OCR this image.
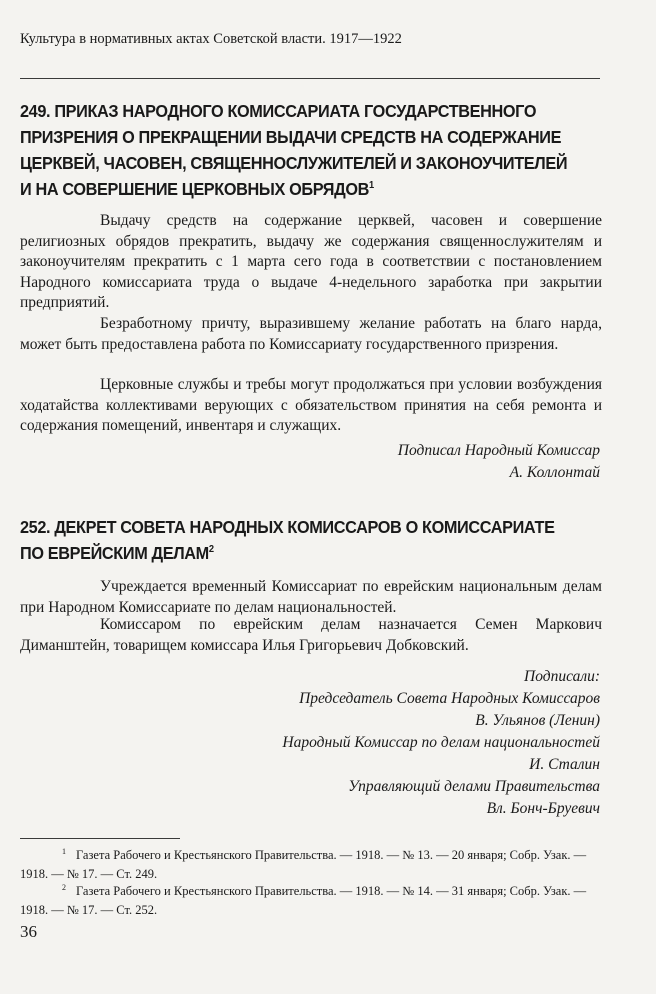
Культура в нормативных актах Советской власти. 1917—1922
249. ПРИКАЗ НАРОДНОГО КОМИССАРИАТА ГОСУДАРСТВЕННОГО ПРИЗРЕНИЯ О ПРЕКРАЩЕНИИ ВЫДАЧИ СРЕДСТВ НА СОДЕРЖАНИЕ ЦЕРКВЕЙ, ЧАСОВЕН, СВЯЩЕННОСЛУЖИТЕЛЕЙ И ЗАКОНОУЧИТЕЛЕЙ И НА СОВЕРШЕНИЕ ЦЕРКОВНЫХ ОБРЯДОВ$^1$

Выдачу средств на содержание церквей, часовен и совершение религиозных обрядов прекратить, выдачу же содержания священнослужителям и законоучителям прекратить с 1 марта сего года в соответствии с постановлением Народного комиссариата труда о выдаче 4-недельного заработка при закрытии предприятий.

Безработному причту, выразившему желание работать на благо нарда, может быть предоставлена работа по Комиссариату государственного призрения.

Церковные службы и требы могут продолжаться при условии возбуждения ходатайства коллективами верующих с обязательством принятия на себя ремонта и содержания помещений, инвентаря и служащих.

Подписал Народный Комиссар
А. Коллонтай
252. ДЕКРЕТ СОВЕТА НАРОДНЫХ КОМИССАРОВ О КОМИССАРИАТЕ ПО ЕВРЕЙСКИМ ДЕЛАМ$^2$

Учреждается временный Комиссариат по еврейским национальным делам при Народном Комиссариате по делам национальностей.

Комиссаром по еврейским делам назначается Семен Маркович Диманштейн, товарищем комиссара Илья Григорьевич Добковский.

Подписали:
Председатель Совета Народных Комиссаров
В. Ульянов (Ленин)
Народный Комиссар по делам национальностей
И. Сталин
Управляющий делами Правительства
Вл. Бонч-Бруевич
$^1$ Газета Рабочего и Крестьянского Правительства. — 1918. — № 13. — 20 января; Собр. Узак. — 1918. — № 17. — Ст. 249.
$^2$ Газета Рабочего и Крестьянского Правительства. — 1918. — № 14. — 31 января; Собр. Узак. — 1918. — № 17. — Ст. 252.
36
